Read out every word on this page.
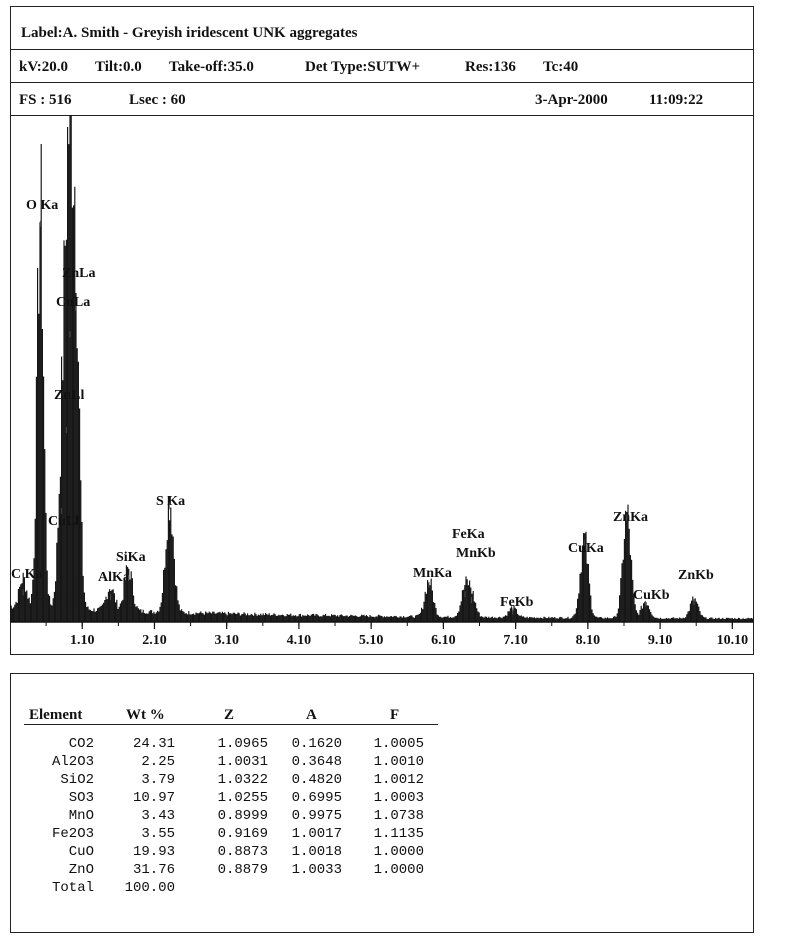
Label:A. Smith - Greyish iridescent UNK aggregates
kV:20.0 Tilt:0.0 Take-off:35.0	Det Type:SUTW+	Res:136 Tc:40
FS : 516	Lsec : 60	3-Apr-2000	11:09:22
1.10	2.10	3.10	4.10	5.10	6.10	7.10	8.10	9.10	10.10
O Ka
ZnLa
CuLa
ZnLl
CuLl
C Ka	AlKa
SiKa
S Ka
MnKa
FeKa
MnKb
FeKb
CuKa
ZnKa
CuKb
ZnKb
Element	Wt %	Z	A	F
CO2	24.31	1.0965 0.1620 1.0005
Al2O3	2.25	1.0031 0.3648 1.0010
SiO2	3.79	1.0322 0.4820 1.0012
SO3	10.97	1.0255 0.6995 1.0003
MnO	3.43	0.8999 0.9975 1.0738
Fe2O3	3.55	0.9169 1.0017 1.1135
CuO	19.93	0.8873 1.0018 1.0000
ZnO	31.76	0.8879 1.0033 1.0000
Total 100.00
